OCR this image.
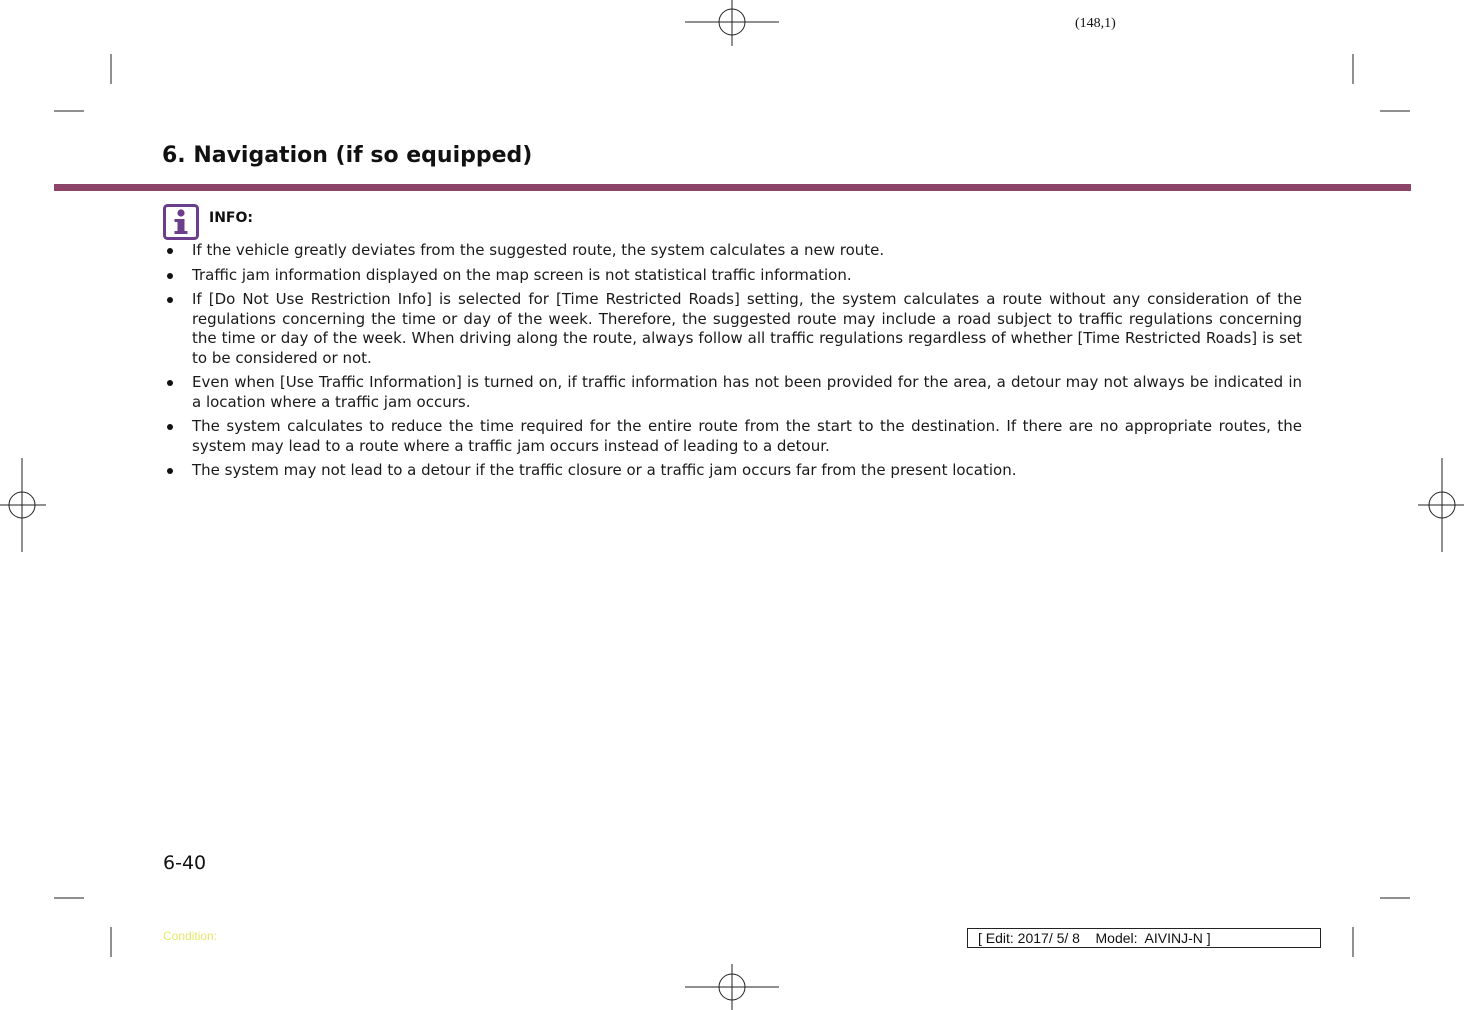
(148,1)
6. Navigation (if so equipped)
INFO:
If the vehicle greatly deviates from the suggested route, the system calculates a new route.
Traffic jam information displayed on the map screen is not statistical traffic information.
If [Do Not Use Restriction Info] is selected for [Time Restricted Roads] setting, the system calculates a route without any consideration of the regulations concerning the time or day of the week. Therefore, the suggested route may include a road subject to traffic regulations concerning the time or day of the week. When driving along the route, always follow all traffic regulations regardless of whether [Time Restricted Roads] is set to be considered or not.
Even when [Use Traffic Information] is turned on, if traffic information has not been provided for the area, a detour may not always be indicated in a location where a traffic jam occurs.
The system calculates to reduce the time required for the entire route from the start to the destination. If there are no appropriate routes, the system may lead to a route where a traffic jam occurs instead of leading to a detour.
The system may not lead to a detour if the traffic closure or a traffic jam occurs far from the present location.
6-40
Condition:	[ Edit: 2017/ 5/ 8    Model:  AIVINJ-N ]
